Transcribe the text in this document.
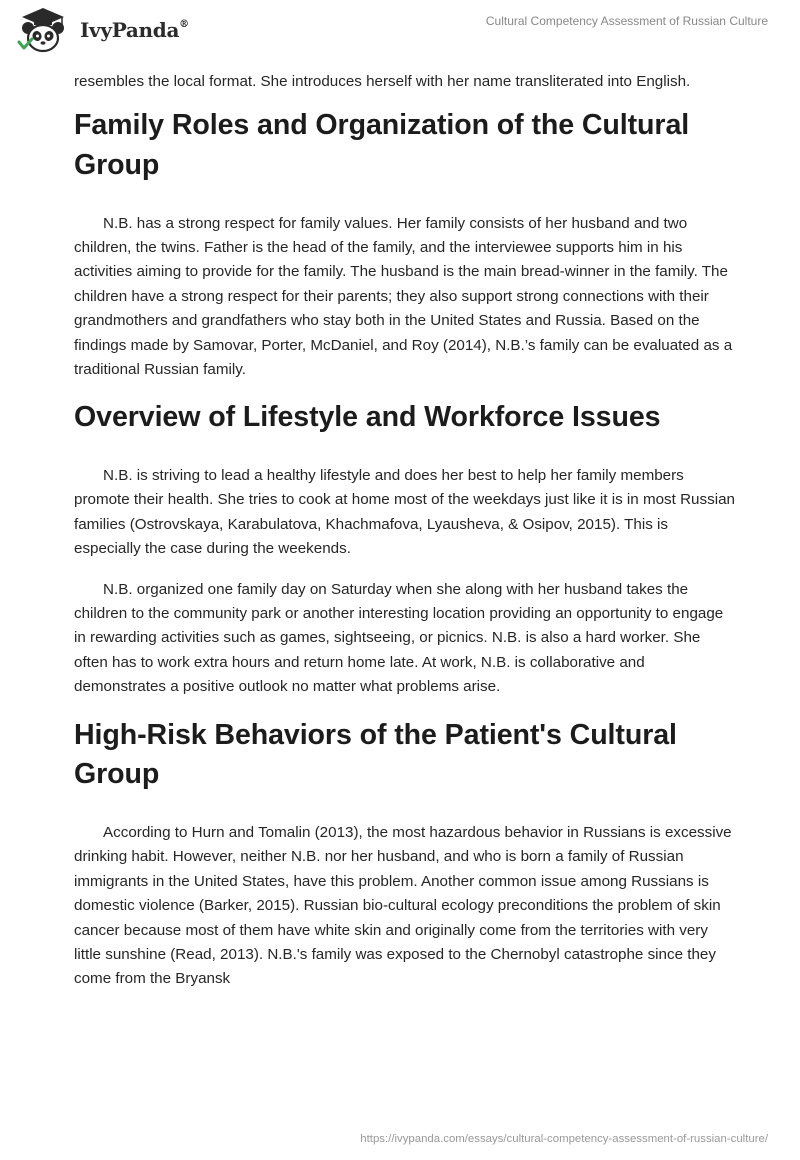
IvyPanda®	Cultural Competency Assessment of Russian Culture

resembles the local format. She introduces herself with her name transliterated into English.

Family Roles and Organization of the Cultural Group

N.B. has a strong respect for family values. Her family consists of her husband and two children, the twins. Father is the head of the family, and the interviewee supports him in his activities aiming to provide for the family. The husband is the main bread-winner in the family. The children have a strong respect for their parents; they also support strong connections with their grandmothers and grandfathers who stay both in the United States and Russia. Based on the findings made by Samovar, Porter, McDaniel, and Roy (2014), N.B.’s family can be evaluated as a traditional Russian family.

Overview of Lifestyle and Workforce Issues

N.B. is striving to lead a healthy lifestyle and does her best to help her family members promote their health. She tries to cook at home most of the weekdays just like it is in most Russian families (Ostrovskaya, Karabulatova, Khachmafova, Lyausheva, & Osipov, 2015). This is especially the case during the weekends.

N.B. organized one family day on Saturday when she along with her husband takes the children to the community park or another interesting location providing an opportunity to engage in rewarding activities such as games, sightseeing, or picnics. N.B. is also a hard worker. She often has to work extra hours and return home late. At work, N.B. is collaborative and demonstrates a positive outlook no matter what problems arise.

High-Risk Behaviors of the Patient's Cultural Group

According to Hurn and Tomalin (2013), the most hazardous behavior in Russians is excessive drinking habit. However, neither N.B. nor her husband, and who is born a family of Russian immigrants in the United States, have this problem. Another common issue among Russians is domestic violence (Barker, 2015). Russian bio-cultural ecology preconditions the problem of skin cancer because most of them have white skin and originally come from the territories with very little sunshine (Read, 2013). N.B.'s family was exposed to the Chernobyl catastrophe since they come from the Bryansk

https://ivypanda.com/essays/cultural-competency-assessment-of-russian-culture/
